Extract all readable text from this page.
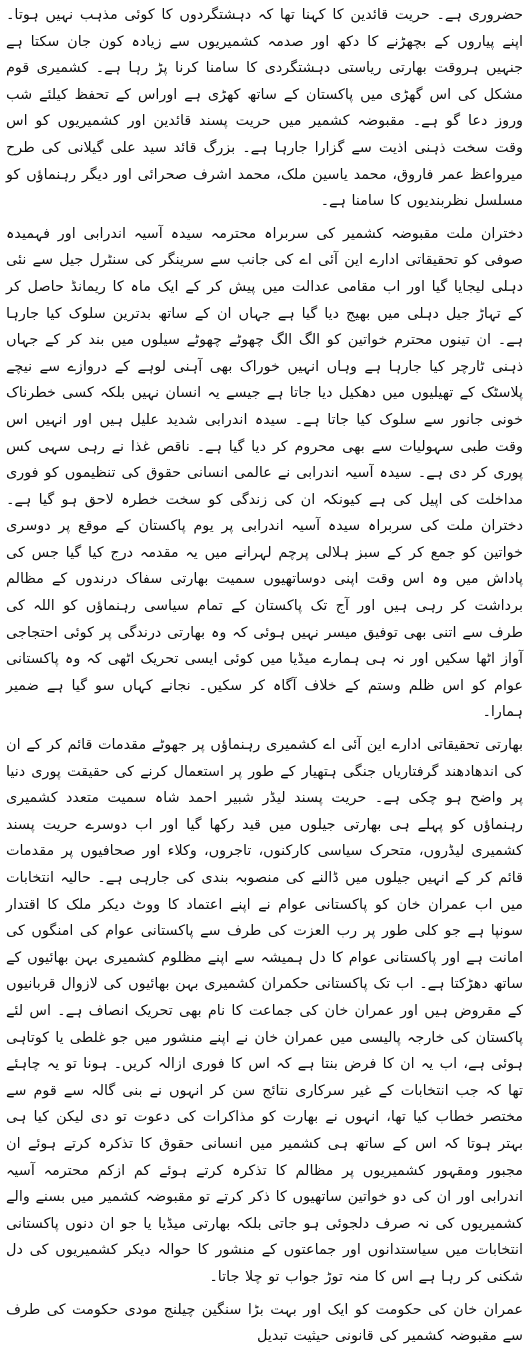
حضروری ہے۔ حریت قائدین کا کہنا تھا کہ دہشتگردوں کا کوئی مذہب نہیں ہوتا۔ اپنے پیاروں کے بچھڑنے کا دکھ اور صدمہ کشمیریوں سے زیادہ کون جان سکتا ہے جنہیں ہروقت بھارتی ریاستی دہشتگردی کا سامنا کرنا پڑ رہا ہے۔ کشمیری قوم مشکل کی اس گھڑی میں پاکستان کے ساتھ کھڑی ہے اوراس کے تحفظ کیلئے شب وروز دعا گو ہے۔ مقبوضہ کشمیر میں حریت پسند قائدین اور کشمیریوں کو اس وقت سخت ذہنی اذیت سے گزارا جارہا ہے۔ بزرگ قائد سید علی گیلانی کی طرح میرواعظ عمر فاروق، محمد یاسین ملک، محمد اشرف صحرائی اور دیگر رہنماؤں کو مسلسل نظربندیوں کا سامنا ہے۔

دختران ملت مقبوضہ کشمیر کی سربراہ محترمہ سیدہ آسیہ اندرابی اور فہمیدہ صوفی کو تحقیقاتی ادارے این آئی اے کی جانب سے سرینگر کی سنٹرل جیل سے نئی دہلی لیجایا گیا اور اب مقامی عدالت میں پیش کر کے ایک ماہ کا ریمانڈ حاصل کر کے تہاڑ جیل دہلی میں بھیج دیا گیا ہے جہاں ان کے ساتھ بدترین سلوک کیا جارہا ہے۔ ان تینوں محترم خواتین کو الگ الگ چھوٹے چھوٹے سیلوں میں بند کر کے جہاں ذہنی ٹارچر کیا جارہا ہے وہاں انہیں خوراک بھی آہنی لوہے کے دروازے سے نیچے پلاسٹک کے تھیلیوں میں دھکیل دیا جاتا ہے جیسے یہ انسان نہیں بلکہ کسی خطرناک خونی جانور سے سلوک کیا جاتا ہے۔ سیدہ اندرابی شدید علیل ہیں اور انہیں اس وقت طبی سہولیات سے بھی محروم کر دیا گیا ہے۔ ناقص غذا نے رہی سہی کس پوری کر دی ہے۔ سیدہ آسیہ اندرابی نے عالمی انسانی حقوق کی تنظیموں کو فوری مداخلت کی اپیل کی ہے کیونکہ ان کی زندگی کو سخت خطرہ لاحق ہو گیا ہے۔ دختران ملت کی سربراہ سیدہ آسیہ اندرابی پر یوم پاکستان کے موقع پر دوسری خواتین کو جمع کر کے سبز ہلالی پرچم لہرانے میں یہ مقدمہ درج کیا گیا جس کی پاداش میں وہ اس وقت اپنی دوساتھیوں سمیت بھارتی سفاک درندوں کے مظالم برداشت کر رہی ہیں اور آج تک پاکستان کے تمام سیاسی رہنماؤں کو اللہ کی طرف سے اتنی بھی توفیق میسر نہیں ہوئی کہ وہ بھارتی درندگی پر کوئی احتجاجی آواز اٹھا سکیں اور نہ ہی ہمارے میڈیا میں کوئی ایسی تحریک اٹھی کہ وہ پاکستانی عوام کو اس ظلم وستم کے خلاف آگاہ کر سکیں۔ نجانے کہاں سو گیا ہے ضمیر ہمارا۔

بھارتی تحقیقاتی ادارے این آئی اے کشمیری رہنماؤں پر جھوٹے مقدمات قائم کر کے ان کی اندھادھند گرفتاریاں جنگی ہتھیار کے طور پر استعمال کرنے کی حقیقت پوری دنیا پر واضح ہو چکی ہے۔ حریت پسند لیڈر شبیر احمد شاہ سمیت متعدد کشمیری رہنماؤں کو پہلے ہی بھارتی جیلوں میں قید رکھا گیا اور اب دوسرے حریت پسند کشمیری لیڈروں، متحرک سیاسی کارکنوں، تاجروں، وکلاء اور صحافیوں پر مقدمات قائم کر کے انہیں جیلوں میں ڈالنے کی منصوبہ بندی کی جارہی ہے۔ حالیہ انتخابات میں اب عمران خان کو پاکستانی عوام نے اپنے اعتماد کا ووٹ دیکر ملک کا اقتدار سونپا ہے جو کلی طور پر رب العزت کی طرف سے پاکستانی عوام کی امنگوں کی امانت ہے اور پاکستانی عوام کا دل ہمیشہ سے اپنے مظلوم کشمیری بہن بھائیوں کے ساتھ دھڑکتا ہے۔ اب تک پاکستانی حکمران کشمیری بہن بھائیوں کی لازوال قربانیوں کے مقروض ہیں اور عمران خان کی جماعت کا نام بھی تحریک انصاف ہے۔ اس لئے پاکستان کی خارجہ پالیسی میں عمران خان نے اپنے منشور میں جو غلطی یا کوتاہی ہوئی ہے، اب یہ ان کا فرض بنتا ہے کہ اس کا فوری ازالہ کریں۔ ہونا تو یہ چاہئے تھا کہ جب انتخابات کے غیر سرکاری نتائج سن کر انہوں نے بنی گالہ سے قوم سے مختصر خطاب کیا تھا، انہوں نے بھارت کو مذاکرات کی دعوت تو دی لیکن کیا ہی بہتر ہوتا کہ اس کے ساتھ ہی کشمیر میں انسانی حقوق کا تذکرہ کرتے ہوئے ان مجبور ومقہور کشمیریوں پر مظالم کا تذکرہ کرتے ہوئے کم ازکم محترمہ آسیہ اندرابی اور ان کی دو خواتین ساتھیوں کا ذکر کرتے تو مقبوضہ کشمیر میں بسنے والے کشمیریوں کی نہ صرف دلجوئی ہو جاتی بلکہ بھارتی میڈیا یا جو ان دنوں پاکستانی انتخابات میں سیاستدانوں اور جماعتوں کے منشور کا حوالہ دیکر کشمیریوں کی دل شکنی کر رہا ہے اس کا منہ توڑ جواب تو چلا جاتا۔

عمران خان کی حکومت کو ایک اور بہت بڑا سنگین چیلنج مودی حکومت کی طرف سے مقبوضہ کشمیر کی قانونی حیثیت تبدیل
